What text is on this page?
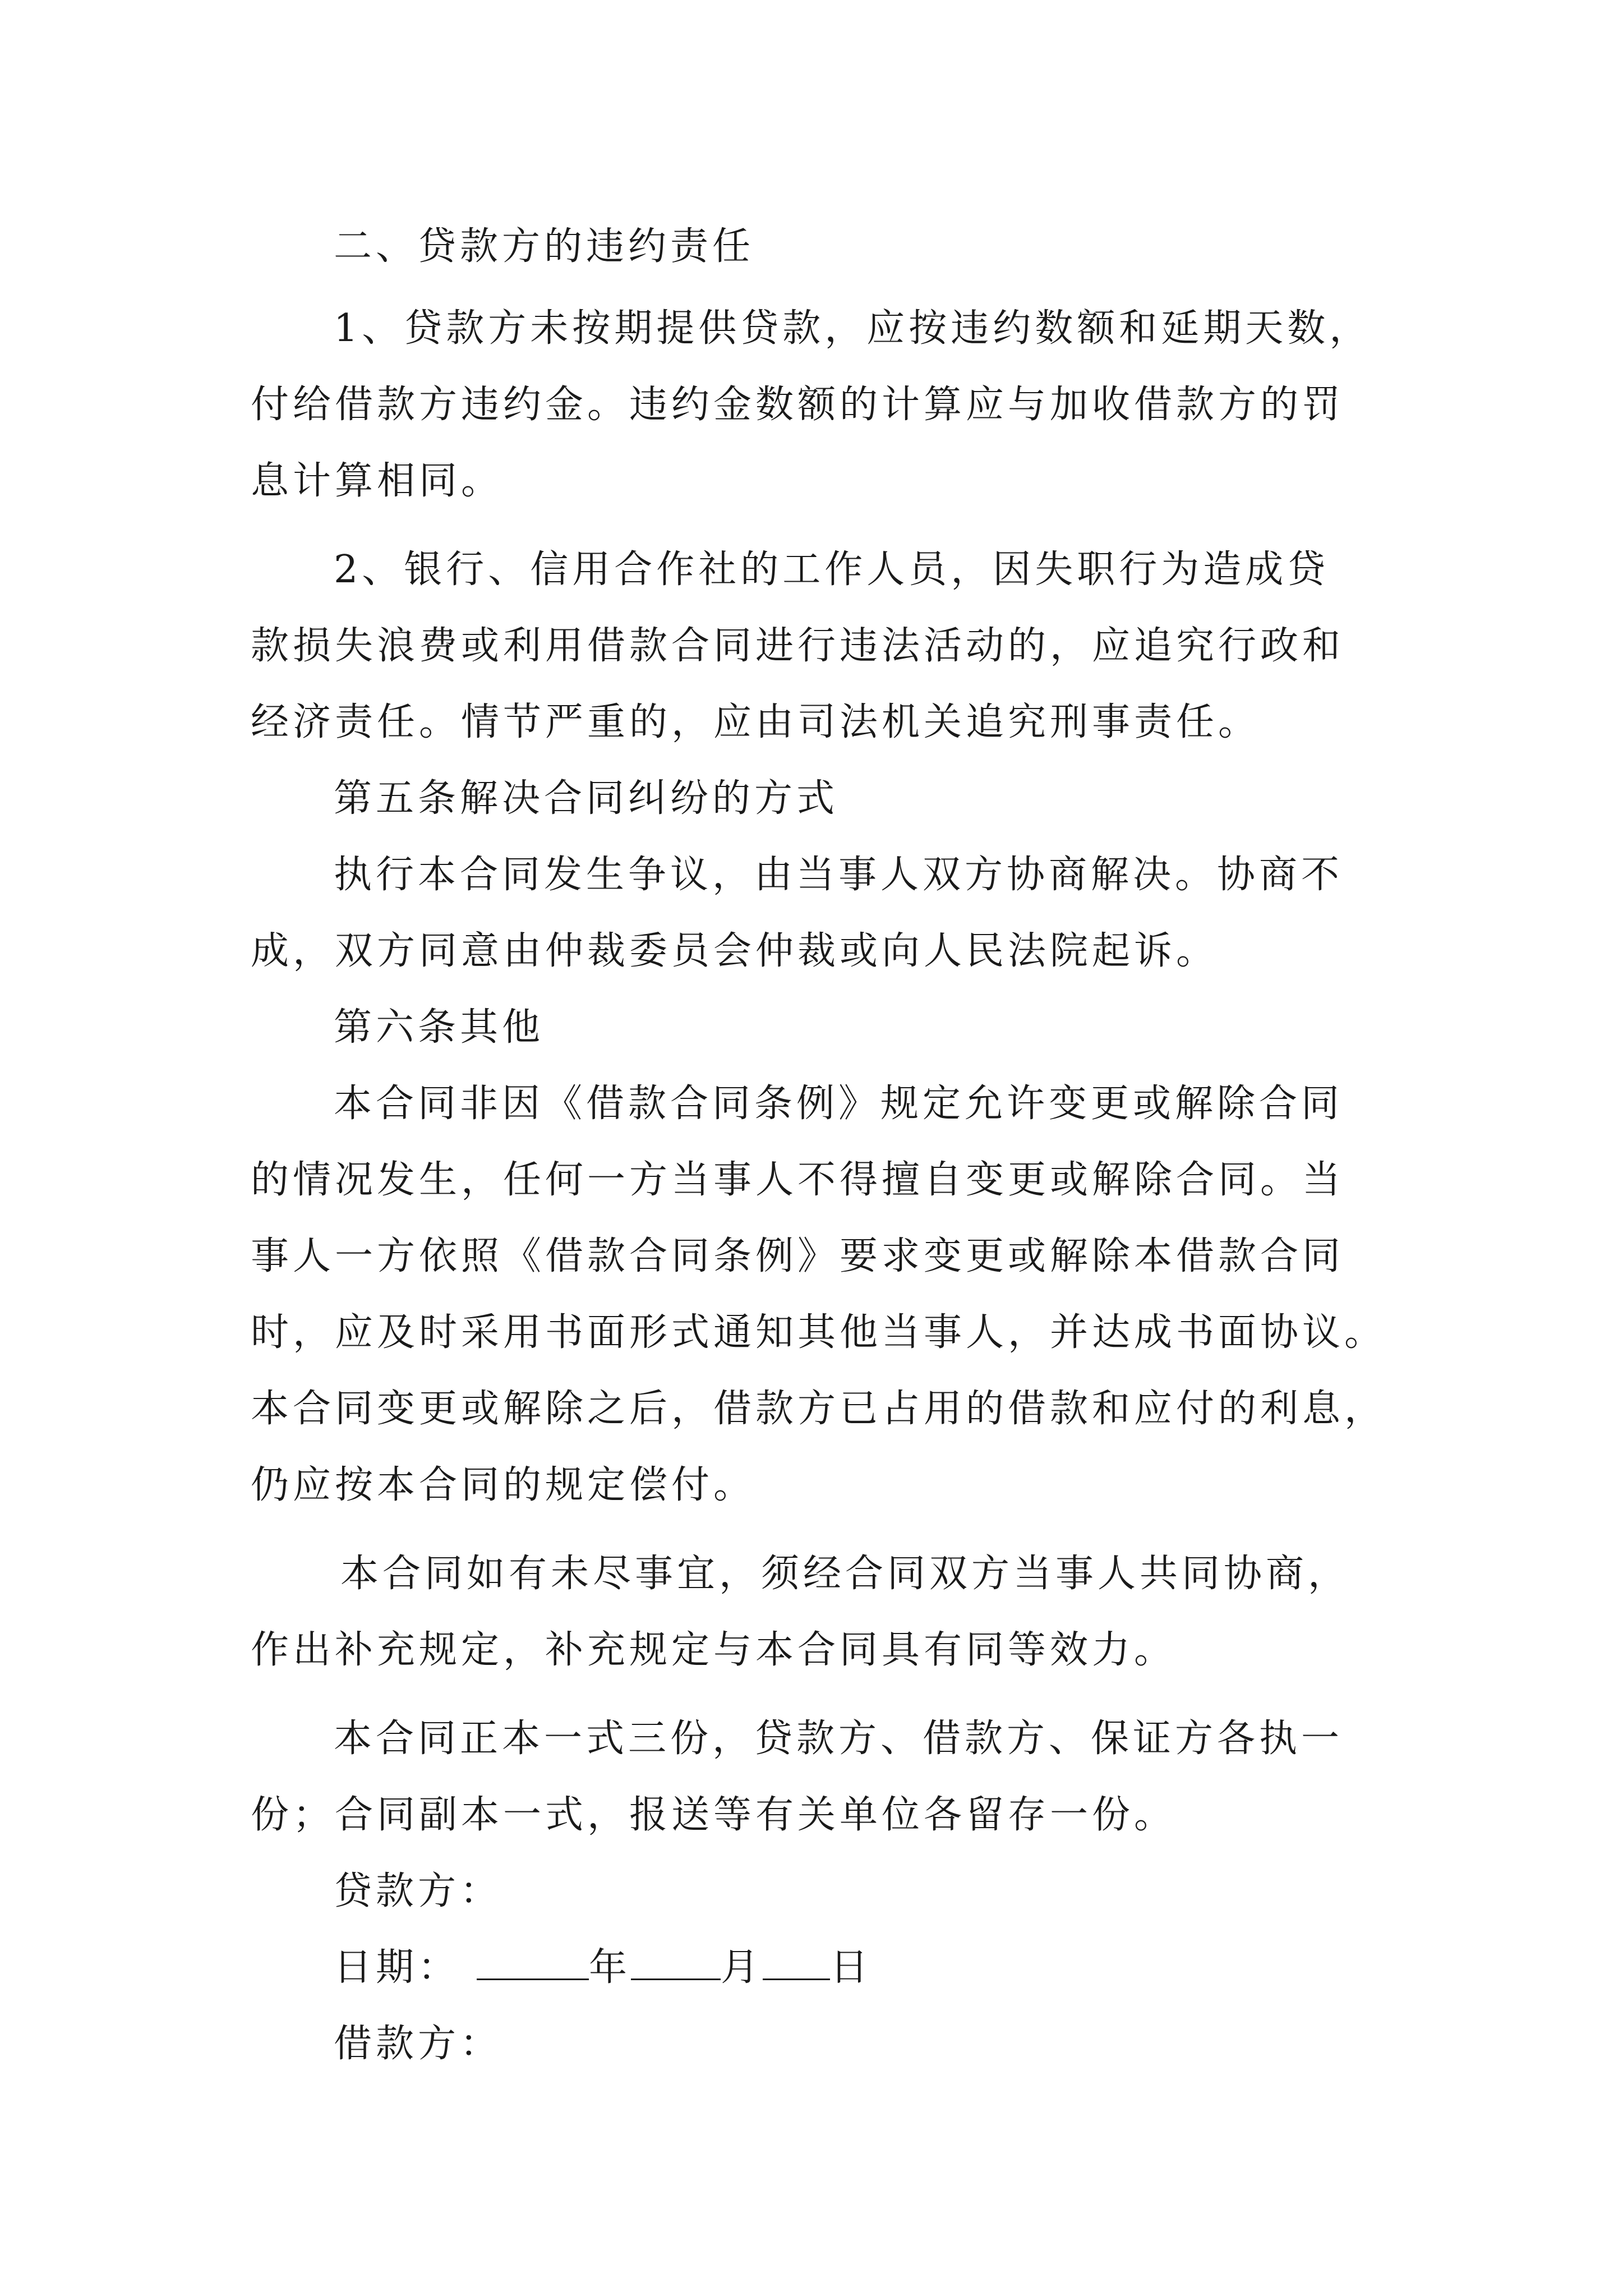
二、贷款方的违约责任
1、贷款方未按期提供贷款，应按违约数额和延期天数，
付给借款方违约金。违约金数额的计算应与加收借款方的罚
息计算相同。
2、银行、信用合作社的工作人员，因失职行为造成贷
款损失浪费或利用借款合同进行违法活动的，应追究行政和
经济责任。情节严重的，应由司法机关追究刑事责任。
第五条解决合同纠纷的方式
执行本合同发生争议，由当事人双方协商解决。协商不
成，双方同意由仲裁委员会仲裁或向人民法院起诉。
第六条其他
本合同非因《借款合同条例》规定允许变更或解除合同
的情况发生，任何一方当事人不得擅自变更或解除合同。当
事人一方依照《借款合同条例》要求变更或解除本借款合同
时，应及时采用书面形式通知其他当事人，并达成书面协议。
本合同变更或解除之后，借款方已占用的借款和应付的利息，
仍应按本合同的规定偿付。
本合同如有未尽事宜，须经合同双方当事人共同协商，
作出补充规定，补充规定与本合同具有同等效力。
本合同正本一式三份，贷款方、借款方、保证方各执一
份；合同副本一式，报送等有关单位各留存一份。
贷款方：
日期：	年 月 日
借款方：
